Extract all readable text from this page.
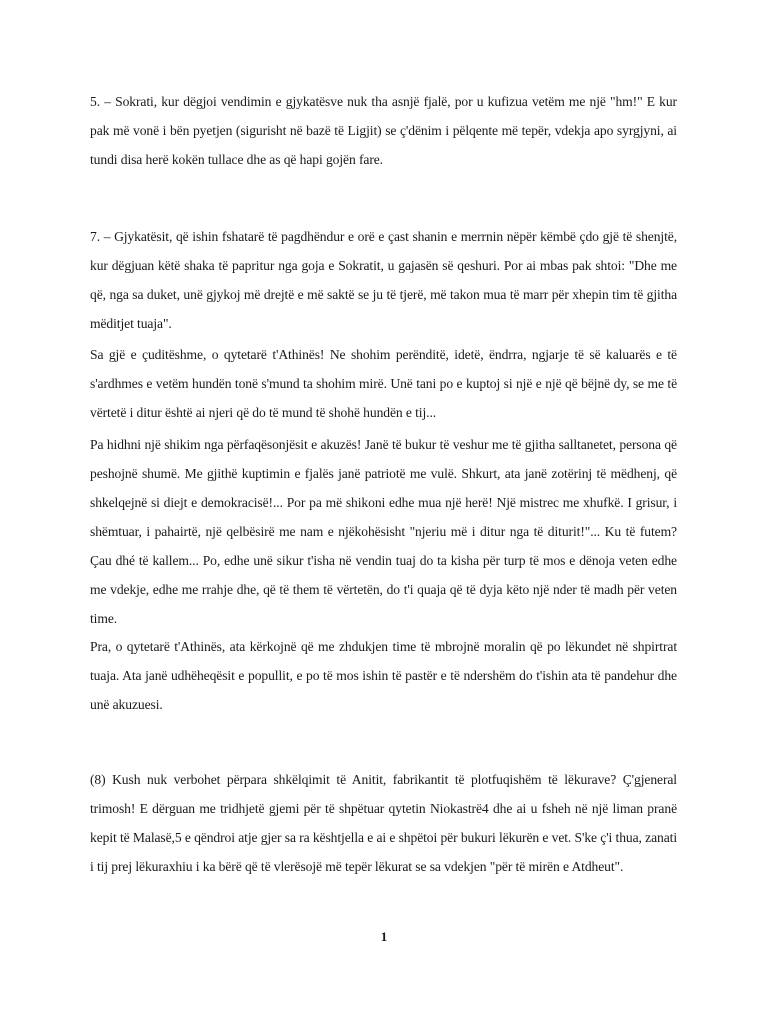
5. – Sokrati, kur dëgjoi vendimin e gjykatësve nuk tha asnjë fjalë, por u kufizua vetëm me një "hm!" E kur pak më vonë i bën pyetjen (sigurisht në bazë të Ligjit) se ç'dënim i pëlqente më tepër, vdekja apo syrgjyni, ai tundi disa herë kokën tullace dhe as që hapi gojën fare.

7. – Gjykatësit, që ishin fshatarë të pagdhëndur e orë e çast shanin e merrnin nëpër këmbë çdo gjë të shenjtë, kur dëgjuan këtë shaka të papritur nga goja e Sokratit, u gajasën së qeshuri. Por ai mbas pak shtoi: "Dhe me që, nga sa duket, unë gjykoj më drejtë e më saktë se ju të tjerë, më takon mua të marr për xhepin tim të gjitha mëditjet tuaja".

Sa gjë e çuditëshme, o qytetarë t'Athinës! Ne shohim perënditë, idetë, ëndrra, ngjarje të së kaluarës e të s'ardhmes e vetëm hundën tonë s'mund ta shohim mirë. Unë tani po e kuptoj si një e një që bëjnë dy, se me të vërtetë i ditur është ai njeri që do të mund të shohë hundën e tij...

Pa hidhni një shikim nga përfaqësonjësit e akuzës! Janë të bukur të veshur me të gjitha salltanetet, persona që peshojnë shumë. Me gjithë kuptimin e fjalës janë patriotë me vulë. Shkurt, ata janë zotërinj të mëdhenj, që shkelqejnë si diejt e demokracisë!... Por pa më shikoni edhe mua një herë! Një mistrec me xhufkë. I grisur, i shëmtuar, i pahairtë, një qelbësirë me nam e njëkohësisht "njeriu më i ditur nga të diturit!"... Ku të futem? Çau dhé të kallem... Po, edhe unë sikur t'isha në vendin tuaj do ta kisha për turp të mos e dënoja veten edhe me vdekje, edhe me rrahje dhe, që të them të vërtetën, do t'i quaja që të dyja këto një nder të madh për veten time.

Pra, o qytetarë t'Athinës, ata kërkojnë që me zhdukjen time të mbrojnë moralin që po lëkundet në shpirtrat tuaja. Ata janë udhëheqësit e popullit, e po të mos ishin të pastër e të ndershëm do t'ishin ata të pandehur dhe unë akuzuesi.

(8) Kush nuk verbohet përpara shkëlqimit të Anitit, fabrikantit të plotfuqishëm të lëkurave? Ç'gjeneral trimosh! E dërguan me tridhjetë gjemi për të shpëtuar qytetin Niokastrë4 dhe ai u fsheh në një liman pranë kepit të Malasë,5 e qëndroi atje gjer sa ra kështjella e ai e shpëtoi për bukuri lëkurën e vet. S'ke ç'i thua, zanati i tij prej lëkuraxhiu i ka bërë që të vlerësojë më tepër lëkurat se sa vdekjen "për të mirën e Atdheut".

1
